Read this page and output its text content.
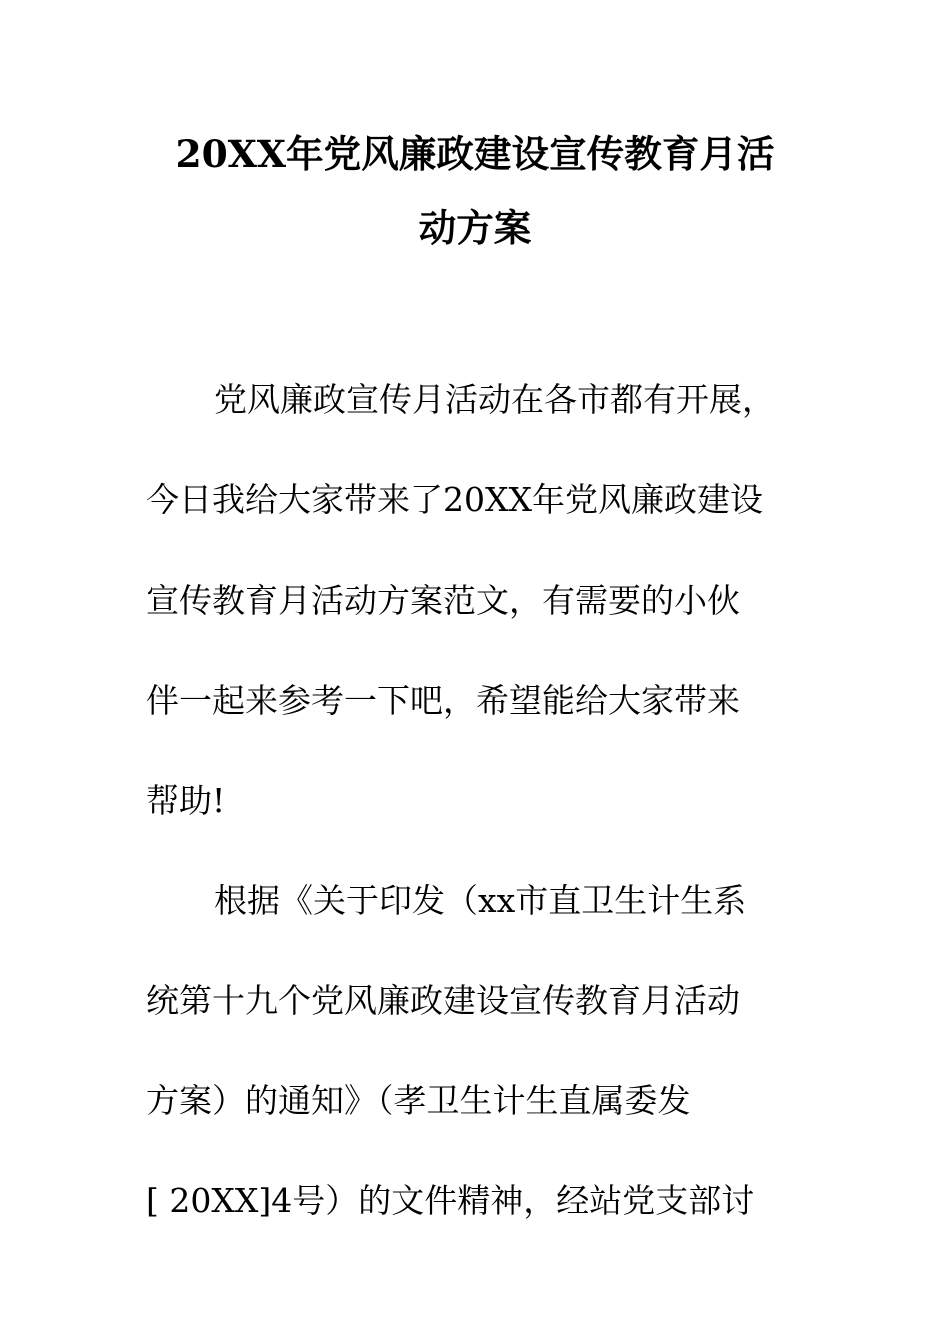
20XX年党风廉政建设宣传教育月活
动方案
党风廉政宣传月活动在各市都有开展，
今日我给大家带来了20XX年党风廉政建设
宣传教育月活动方案范文，有需要的小伙
伴一起来参考一下吧，希望能给大家带来
帮助!
根据《关于印发（xx市直卫生计生系
统第十九个党风廉政建设宣传教育月活动
方案）的通知》（孝卫生计生直属委发
[ 20XX]4号）的文件精神，经站党支部讨
